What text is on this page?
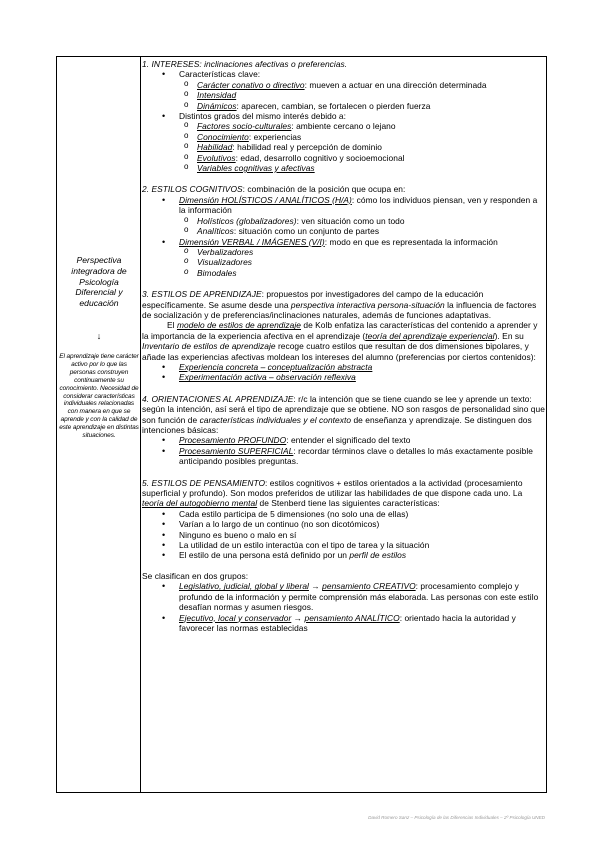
Perspectiva integradora de Psicología Diferencial y educación
↓
El aprendizaje tiene carácter activo por lo que las personas construyen continuamente su conocimiento. Necesidad de considerar características individuales relacionadas con manera en que se aprende y con la calidad de este aprendizaje en distintas situaciones.
1. INTERESES: inclinaciones afectivas o preferencias.
• Características clave:
o Carácter conativo o directivo: mueven a actuar en una dirección determinada
o Intensidad
o Dinámicos: aparecen, cambian, se fortalecen o pierden fuerza
• Distintos grados del mismo interés debido a:
o Factores socio-culturales: ambiente cercano o lejano
o Conocimiento: experiencias
o Habilidad: habilidad real y percepción de dominio
o Evolutivos: edad, desarrollo cognitivo y socioemocional
o Variables cognitivas y afectivas
2. ESTILOS COGNITIVOS: combinación de la posición que ocupa en:
• Dimensión HOLÍSTICOS / ANALÍTICOS (H/A): cómo los individuos piensan, ven y responden a la información
o Holísticos (globalizadores): ven situación como un todo
o Analíticos: situación como un conjunto de partes
• Dimensión VERBAL / IMÁGENES (V/I): modo en que es representada la información
o Verbalizadores
o Visualizadores
o Bimodales
3. ESTILOS DE APRENDIZAJE: propuestos por investigadores del campo de la educación específicamente. Se asume desde una perspectiva interactiva persona-situación la influencia de factores de socialización y de preferencias/inclinaciones naturales, además de funciones adaptativas.
El modelo de estilos de aprendizaje de Kolb enfatiza las características del contenido a aprender y la importancia de la experiencia afectiva en el aprendizaje (teoría del aprendizaje experiencial). En su Inventario de estilos de aprendizaje recoge cuatro estilos que resultan de dos dimensiones bipolares, y añade las experiencias afectivas moldean los intereses del alumno (preferencias por ciertos contenidos):
• Experiencia concreta – conceptualización abstracta
• Experimentación activa – observación reflexiva
4. ORIENTACIONES AL APRENDIZAJE: r/c la intención que se tiene cuando se lee y aprende un texto: según la intención, así será el tipo de aprendizaje que se obtiene. NO son rasgos de personalidad sino que son función de características individuales y el contexto de enseñanza y aprendizaje. Se distinguen dos intenciones básicas:
• Procesamiento PROFUNDO: entender el significado del texto
• Procesamiento SUPERFICIAL: recordar términos clave o detalles lo más exactamente posible anticipando posibles preguntas.
5. ESTILOS DE PENSAMIENTO: estilos cognitivos + estilos orientados a la actividad (procesamiento superficial y profundo). Son modos preferidos de utilizar las habilidades de que dispone cada uno. La teoría del autogobierno mental de Stenberd tiene las siguientes características:
• Cada estilo participa de 5 dimensiones (no solo una de ellas)
• Varían a lo largo de un continuo (no son dicotómicos)
• Ninguno es bueno o malo en sí
• La utilidad de un estilo interactúa con el tipo de tarea y la situación
• El estilo de una persona está definido por un perfil de estilos
Se clasifican en dos grupos:
• Legislativo, judicial, global y liberal → pensamiento CREATIVO: procesamiento complejo y profundo de la información y permite comprensión más elaborada. Las personas con este estilo desafían normas y asumen riesgos.
• Ejecutivo, local y conservador → pensamiento ANALÍTICO: orientado hacia la autoridad y favorecer las normas establecidas
David Romero Sanz – Psicología de las Diferencias Individuales – 2º Psicología UNED
